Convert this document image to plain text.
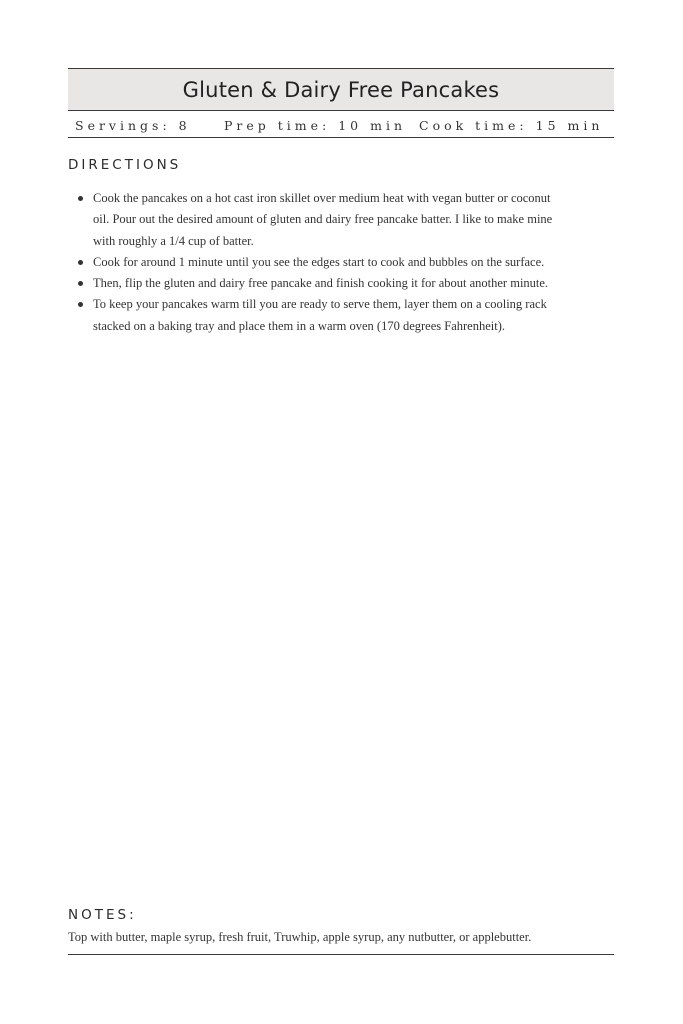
Gluten & Dairy Free Pancakes
Servings: 8	Prep time: 10 min Cook time: 15 min
DIRECTIONS
Cook the pancakes on a hot cast iron skillet over medium heat with vegan butter or coconut oil. Pour out the desired amount of gluten and dairy free pancake batter. I like to make mine with roughly a 1/4 cup of batter.
Cook for around 1 minute until you see the edges start to cook and bubbles on the surface.
Then, flip the gluten and dairy free pancake and finish cooking it for about another minute.
To keep your pancakes warm till you are ready to serve them, layer them on a cooling rack stacked on a baking tray and place them in a warm oven (170 degrees Fahrenheit).
NOTES:
Top with butter, maple syrup, fresh fruit, Truwhip, apple syrup, any nutbutter, or applebutter.
